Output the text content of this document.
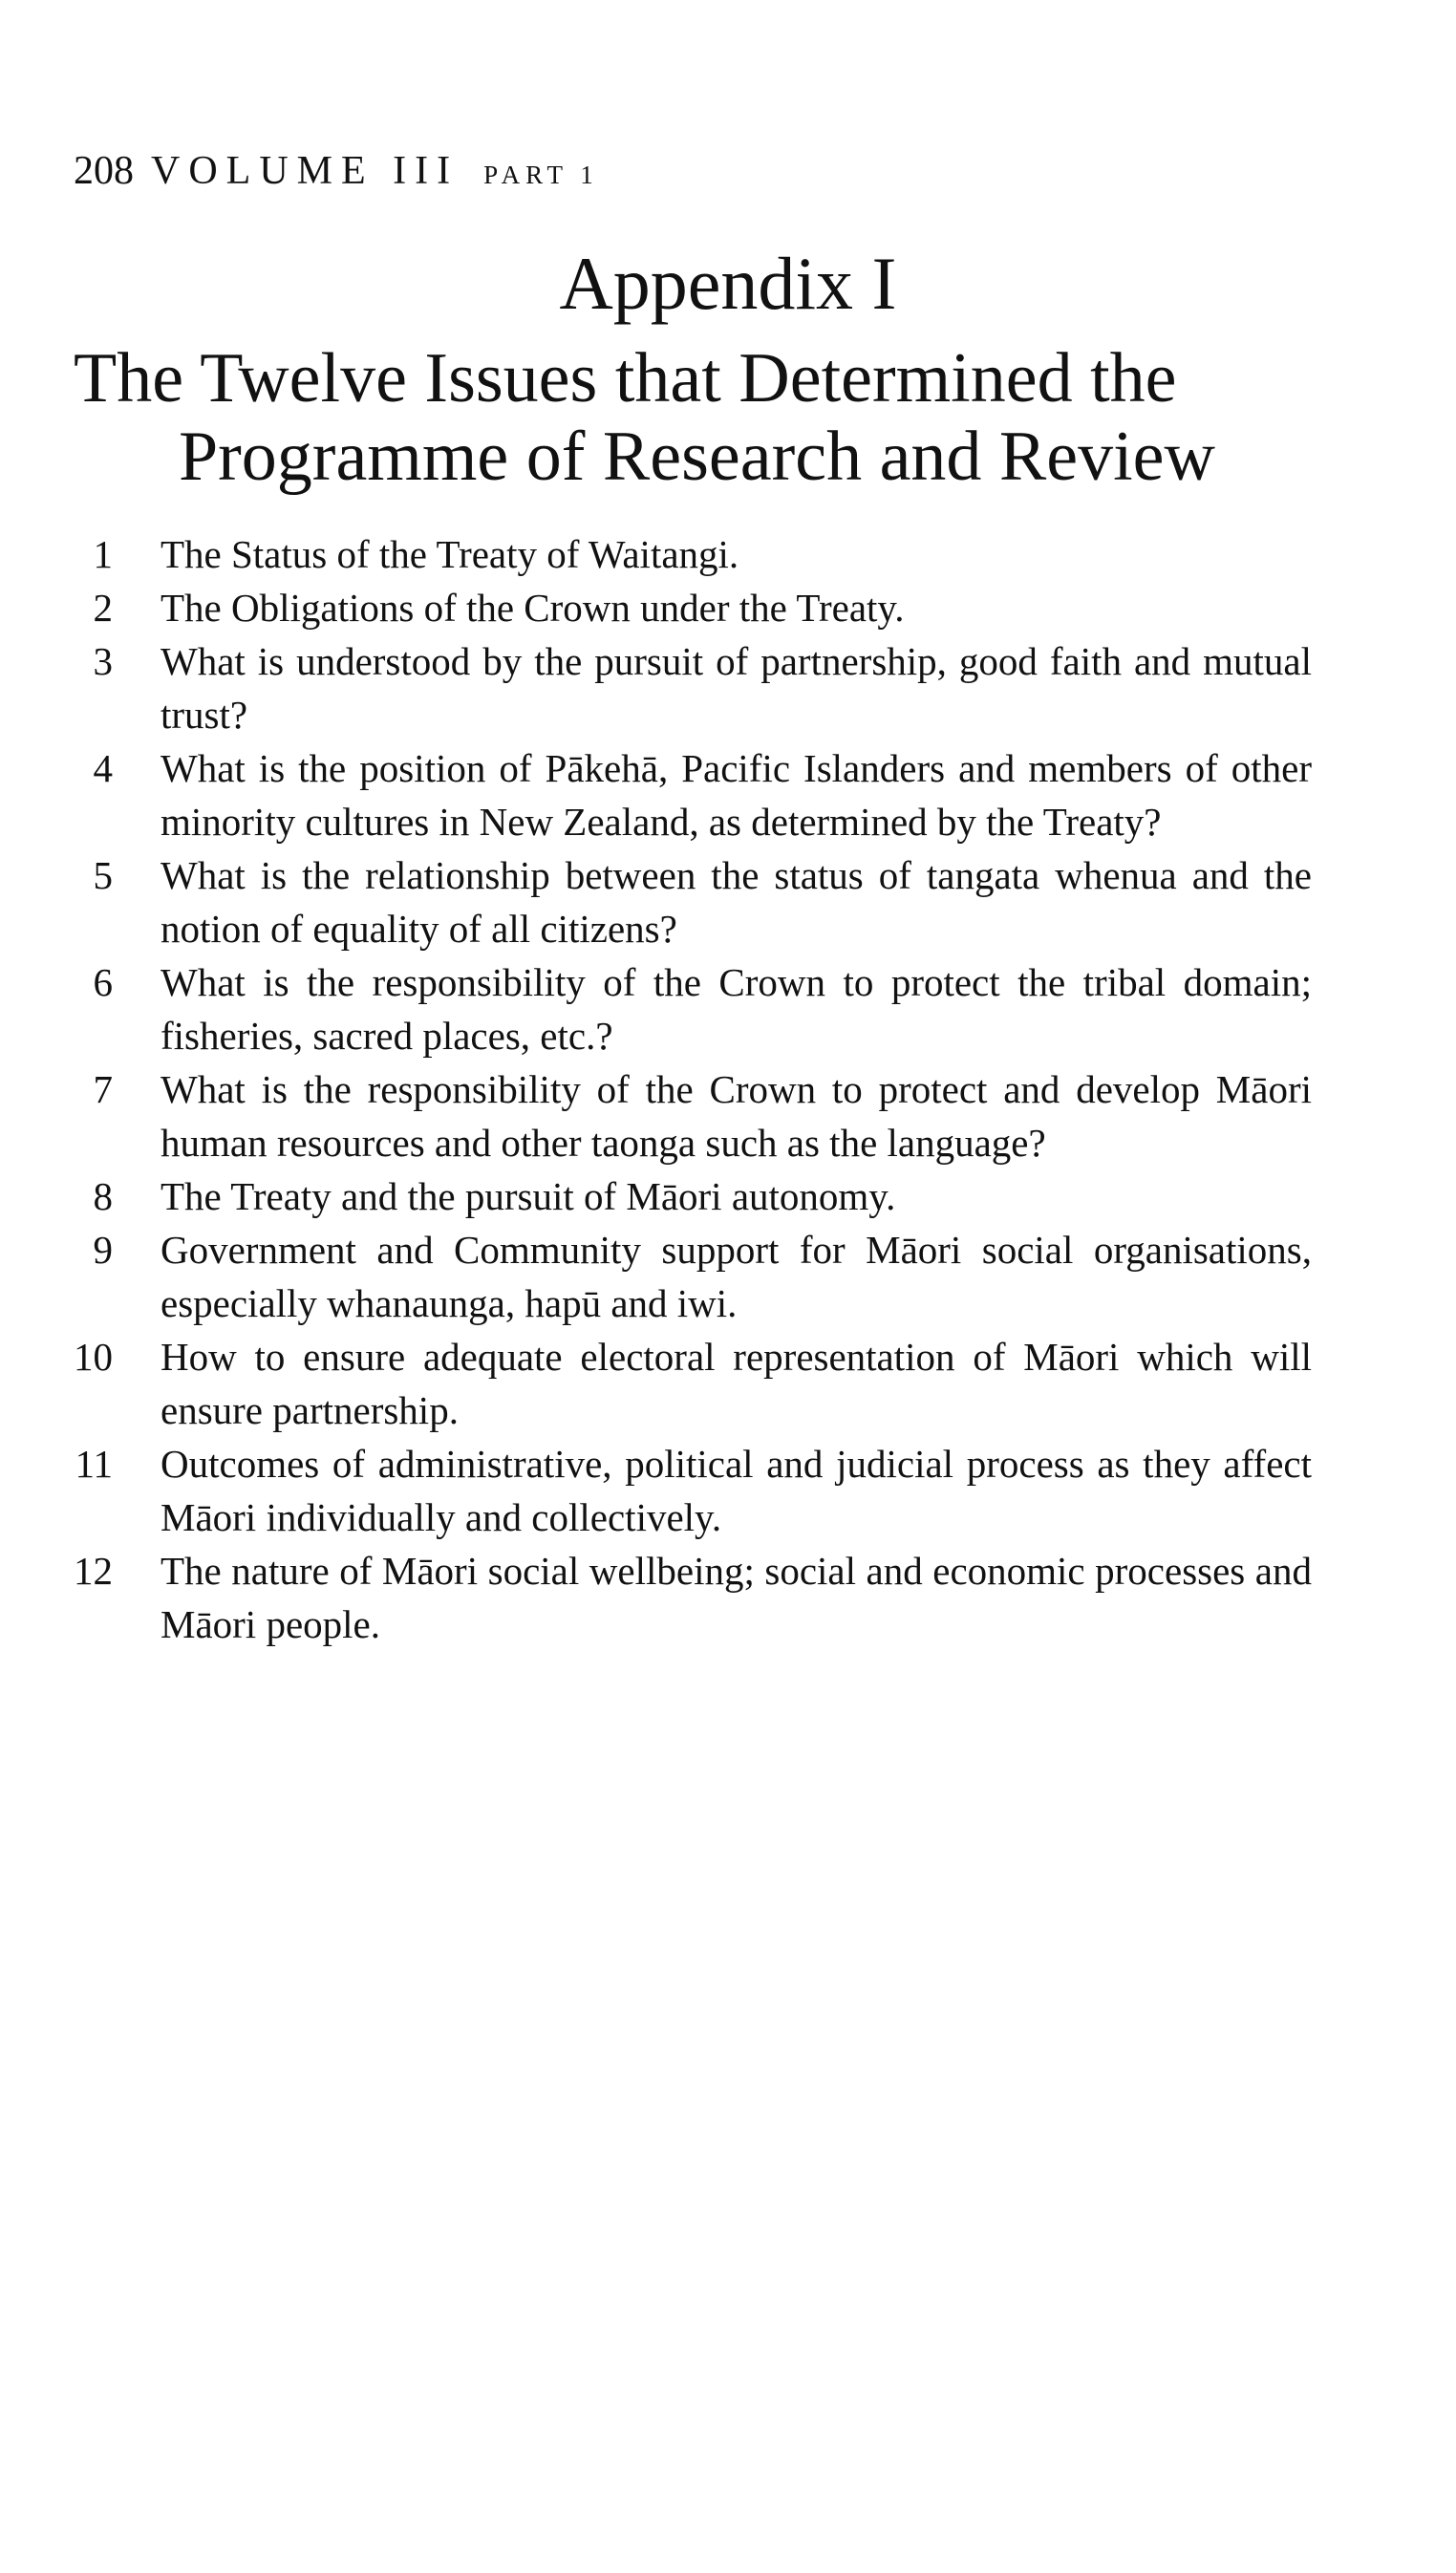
208 VOLUME III PART 1
Appendix I
The Twelve Issues that Determined the
Programme of Research and Review
1 The Status of the Treaty of Waitangi.
2 The Obligations of the Crown under the Treaty.
3 What is understood by the pursuit of partnership, good faith and mutual trust?
4 What is the position of Pākehā, Pacific Islanders and members of other minority cultures in New Zealand, as determined by the Treaty?
5 What is the relationship between the status of tangata whenua and the notion of equality of all citizens?
6 What is the responsibility of the Crown to protect the tribal domain; fisheries, sacred places, etc.?
7 What is the responsibility of the Crown to protect and develop Māori human resources and other taonga such as the language?
8 The Treaty and the pursuit of Māori autonomy.
9 Government and Community support for Māori social organisations, especially whanaunga, hapū and iwi.
10 How to ensure adequate electoral representation of Māori which will ensure partnership.
11 Outcomes of administrative, political and judicial process as they affect Māori individually and collectively.
12 The nature of Māori social wellbeing; social and economic processes and Māori people.
